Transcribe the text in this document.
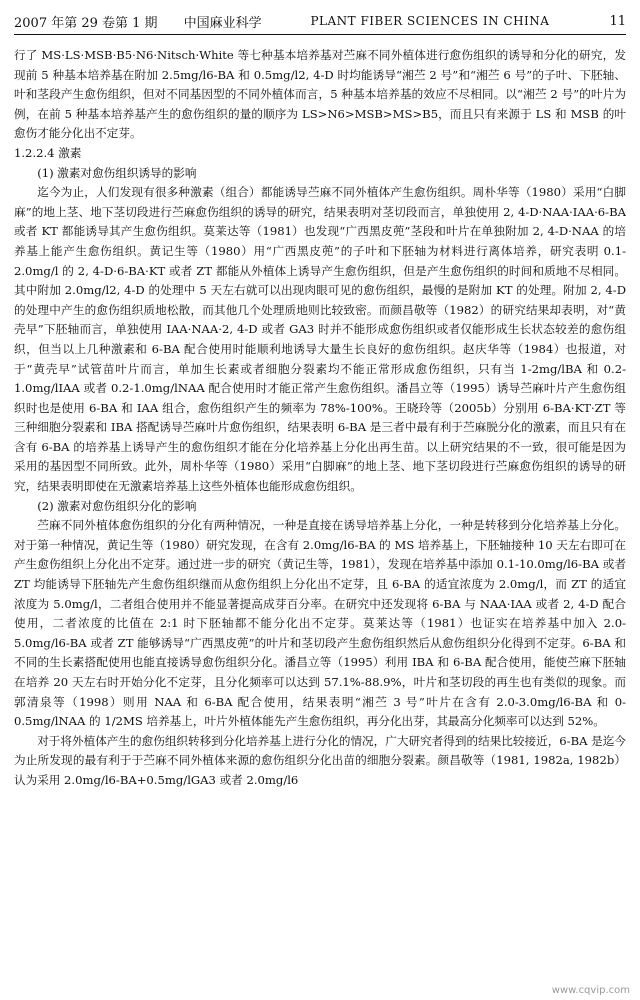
2007 年第 29 卷第 1 期 中国麻业科学	PLANT FIBER SCIENCES IN CHINA	11

行了 MS·LS·MSB·B5·N6·Nitsch·White 等七种基本培养基对苎麻不同外植体进行愈伤组织的诱导和分化的研究，发现前 5 种基本培养基在附加 2.5mg/l6-BA 和 0.5mg/l2, 4-D 时均能诱导“湘苎 2 号”和“湘苎 6 号”的子叶、下胚轴、叶和茎段产生愈伤组织，但对不同基因型的不同外植体而言，5 种基本培养基的效应不尽相同。以“湘苎 2 号”的叶片为例，在前 5 种基本培养基产生的愈伤组织的量的顺序为 LS>N6>MSB>MS>B5，而且只有来源于 LS 和 MSB 的叶愈伤才能分化出不定芽。

1.2.2.4 激素

(1) 激素对愈伤组织诱导的影响

迄今为止，人们发现有很多种激素（组合）都能诱导苎麻不同外植体产生愈伤组织。周朴华等（1980）采用“白脚麻”的地上茎、地下茎切段进行苎麻愈伤组织的诱导的研究，结果表明对茎切段而言，单独使用 2, 4-D·NAA·IAA·6-BA 或者 KT 都能诱导其产生愈伤组织。莫莱达等（1981）也发现“广西黑皮蔸”茎段和叶片在单独附加 2, 4-D·NAA 的培养基上能产生愈伤组织。黄记生等（1980）用“广西黑皮蔸”的子叶和下胚轴为材料进行离体培养，研究表明 0.1-2.0mg/l 的 2, 4-D·6-BA·KT 或者 ZT 都能从外植体上诱导产生愈伤组织，但是产生愈伤组织的时间和质地不尽相同。其中附加 2.0mg/l2, 4-D 的处理中 5 天左右就可以出现肉眼可见的愈伤组织，最慢的是附加 KT 的处理。附加 2, 4-D 的处理中产生的愈伤组织质地松散，而其他几个处理质地则比较致密。而颜昌敬等（1982）的研究结果却表明，对“黄壳早”下胚轴而言，单独使用 IAA·NAA·2, 4-D 或者 GA3 时并不能形成愈伤组织或者仅能形成生长状态较差的愈伤组织，但当以上几种激素和 6-BA 配合使用时能顺利地诱导大量生长良好的愈伤组织。赵庆华等（1984）也报道，对于“黄壳早”试管苗叶片而言，单加生长素或者细胞分裂素均不能正常形成愈伤组织，只有当 1-2mg/lBA 和 0.2-1.0mg/lIAA 或者 0.2-1.0mg/lNAA 配合使用时才能正常产生愈伤组织。潘昌立等（1995）诱导苎麻叶片产生愈伤组织时也是使用 6-BA 和 IAA 组合，愈伤组织产生的频率为 78%-100%。王晓玲等（2005b）分别用 6-BA·KT·ZT 等三种细胞分裂素和 IBA 搭配诱导苎麻叶片愈伤组织，结果表明 6-BA 是三者中最有利于苎麻脱分化的激素，而且只有在含有 6-BA 的培养基上诱导产生的愈伤组织才能在分化培养基上分化出再生苗。以上研究结果的不一致，很可能是因为采用的基因型不同所致。此外，周朴华等（1980）采用“白脚麻”的地上茎、地下茎切段进行苎麻愈伤组织的诱导的研究，结果表明即使在无激素培养基上这些外植体也能形成愈伤组织。

(2) 激素对愈伤组织分化的影响

苎麻不同外植体愈伤组织的分化有两种情况，一种是直接在诱导培养基上分化，一种是转移到分化培养基上分化。对于第一种情况，黄记生等（1980）研究发现，在含有 2.0mg/l6-BA 的 MS 培养基上，下胚轴接种 10 天左右即可在产生愈伤组织上分化出不定芽。通过进一步的研究（黄记生等，1981），发现在培养基中添加 0.1-10.0mg/l6-BA 或者 ZT 均能诱导下胚轴先产生愈伤组织继而从愈伤组织上分化出不定芽，且 6-BA 的适宜浓度为 2.0mg/l，而 ZT 的适宜浓度为 5.0mg/l，二者组合使用并不能显著提高成芽百分率。在研究中还发现将 6-BA 与 NAA·IAA 或者 2, 4-D 配合使用，二者浓度的比值在 2:1 时下胚轴都不能分化出不定芽。莫莱达等（1981）也证实在培养基中加入 2.0-5.0mg/l6-BA 或者 ZT 能够诱导“广西黑皮蔸”的叶片和茎切段产生愈伤组织然后从愈伤组织分化得到不定芽。6-BA 和不同的生长素搭配使用也能直接诱导愈伤组织分化。潘昌立等（1995）利用 IBA 和 6-BA 配合使用，能使苎麻下胚轴在培养 20 天左右时开始分化不定芽，且分化频率可以达到 57.1%-88.9%，叶片和茎切段的再生也有类似的现象。而郭清泉等（1998）则用 NAA 和 6-BA 配合使用，结果表明“湘苎 3 号”叶片在含有 2.0-3.0mg/l6-BA 和 0-0.5mg/lNAA 的 1/2MS 培养基上，叶片外植体能先产生愈伤组织，再分化出芽，其最高分化频率可以达到 52%。

对于将外植体产生的愈伤组织转移到分化培养基上进行分化的情况，广大研究者得到的结果比较接近，6-BA 是迄今为止所发现的最有利于于苎麻不同外植体来源的愈伤组织分化出苗的细胞分裂素。颜昌敬等（1981, 1982a, 1982b）认为采用 2.0mg/l6-BA+0.5mg/lGA3 或者 2.0mg/l6

www.cqvip.com
